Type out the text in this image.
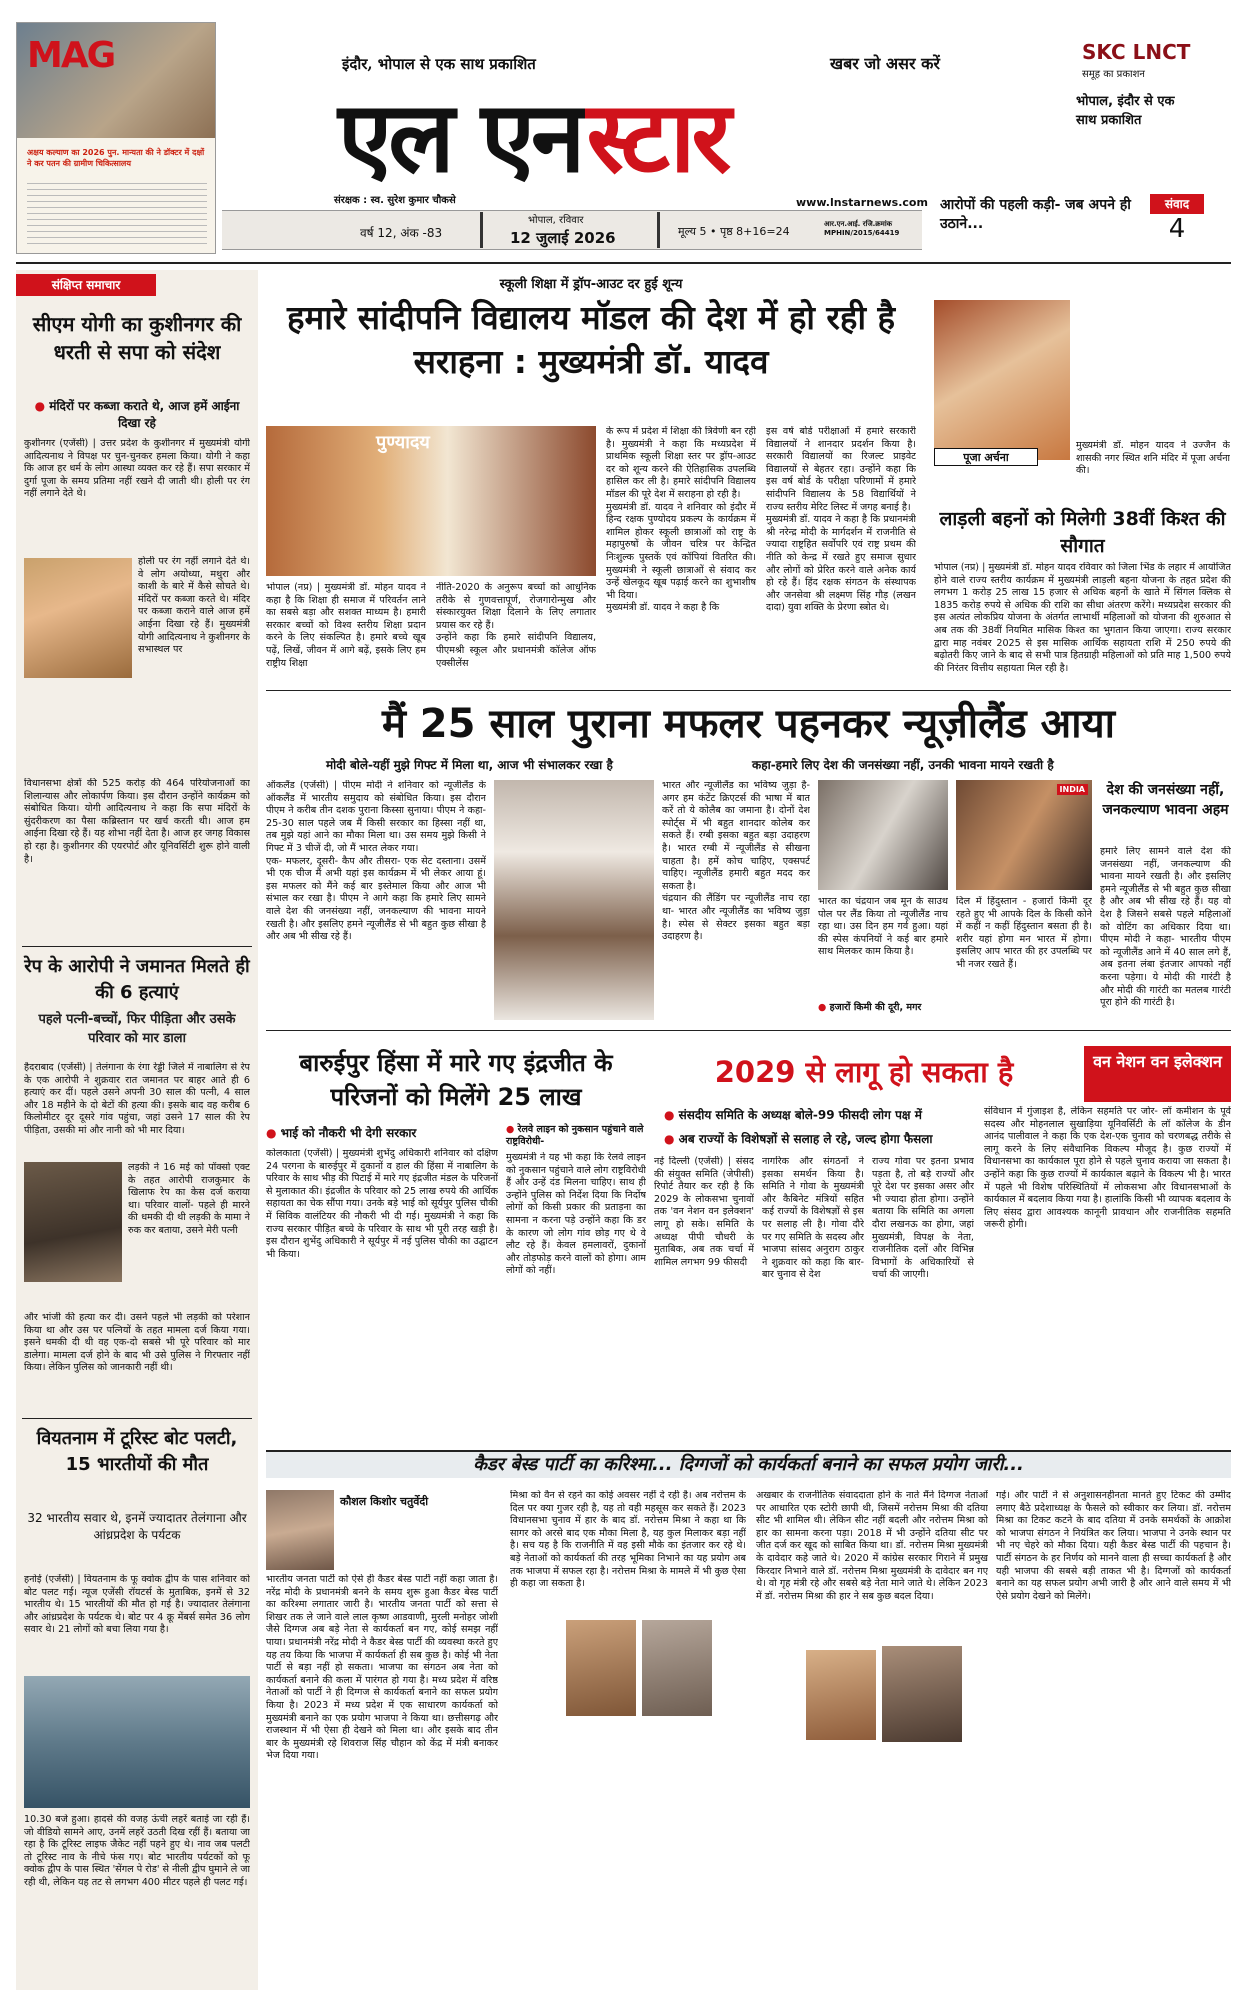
MAG
अक्षय कल्याण का 2026 पुन. मान्यता की ने डॉक्टर में दक्षों ने कर पतन की ग्रामीण चिकित्सालय
इंदौर, भोपाल से एक साथ प्रकाशित	खबर जो असर करें
एल एन स्टार
संरक्षक : स्व. सुरेश कुमार चौकसे	www.lnstarnews.com
वर्ष 12, अंक -83
भोपाल, रविवार
12 जुलाई 2026	मूल्य 5 • पृष्ठ 8+16=24
आर.एन.आई. रजि.क्रमांक MPHIN/2015/64419
SKC LNCT
समूह का प्रकाशन
भोपाल, इंदौर से एक साथ प्रकाशित
आरोपों की पहली कड़ी- जब अपने ही उठाने...
संवाद
4
संक्षिप्त समाचार
सीएम योगी का कुशीनगर की धरती से सपा को संदेश
● मंदिरों पर कब्जा कराते थे, आज हमें आईना दिखा रहे

कुशीनगर (एजेंसी) | उत्तर प्रदेश के कुशीनगर में मुख्यमंत्री योगी आदित्यनाथ ने विपक्ष पर चुन-चुनकर हमला किया। योगी ने कहा कि आज हर धर्म के लोग आस्था व्यक्त कर रहे हैं। सपा सरकार में दुर्गा पूजा के समय प्रतिमा नहीं रखने दी जाती थी। होली पर रंग नहीं लगाने देते थे।

होली पर रंग नहीं लगाने देते थे। वे लोग अयोध्या, मथुरा और काशी के बारे में कैसे सोचते थे। मंदिरों पर कब्जा करते थे। मंदिर पर कब्जा कराने वाले आज हमें आईना दिखा रहे हैं। मुख्यमंत्री योगी आदित्यनाथ ने कुशीनगर के सभास्थल पर

विधानसभा क्षेत्रों की 525 करोड़ की 464 परियोजनाओं का शिलान्यास और लोकार्पण किया। इस दौरान उन्होंने कार्यक्रम को संबोधित किया। योगी आदित्यनाथ ने कहा कि सपा मंदिरों के सुंदरीकरण का पैसा कब्रिस्तान पर खर्च करती थी। आज हम आईना दिखा रहे हैं। यह शोभा नहीं देता है। आज हर जगह विकास हो रहा है। कुशीनगर की एयरपोर्ट और यूनिवर्सिटी शुरू होने वाली है।

रेप के आरोपी ने जमानत मिलते ही की 6 हत्याएं
पहले पत्नी-बच्चों, फिर पीड़िता और उसके परिवार को मार डाला

हैदराबाद (एजेंसी) | तेलंगाना के रंगा रेड्डी जिले में नाबालिग से रेप के एक आरोपी ने शुक्रवार रात जमानत पर बाहर आते ही 6 हत्याएं कर दीं। पहले उसने अपनी 30 साल की पत्नी, 4 साल और 18 महीने के दो बेटों की हत्या की। इसके बाद वह करीब 6 किलोमीटर दूर दूसरे गांव पहुंचा, जहां उसने 17 साल की रेप पीड़िता, उसकी मां और नानी को भी मार दिया।

लड़की ने 16 मई को पॉक्सो एक्ट के तहत आरोपी राजकुमार के खिलाफ रेप का केस दर्ज कराया था। परिवार वालों- पहले ही मारने की धमकी दी थी लड़की के मामा ने रुक कर बताया, उसने मेरी पत्नी

और भांजी की हत्या कर दी। उसने पहले भी लड़की को परेशान किया था और उस पर पत्नियों के तहत मामला दर्ज किया गया। इसने धमकी दी थी वह एक-दो सबसे भी पूरे परिवार को मार डालेगा। मामला दर्ज होने के बाद भी उसे पुलिस ने गिरफ्तार नहीं किया। लेकिन पुलिस को जानकारी नहीं थी।

वियतनाम में टूरिस्ट बोट पलटी, 15 भारतीयों की मौत
32 भारतीय सवार थे, इनमें ज्यादातर तेलंगाना और आंध्रप्रदेश के पर्यटक

हनोई (एजेंसी) | वियतनाम के फू क्वोक द्वीप के पास शनिवार को बोट पलट गई। न्यूज एजेंसी रॉयटर्स के मुताबिक, इनमें से 32 भारतीय थे। 15 भारतीयों की मौत हो गई है। ज्यादातर तेलंगाना और आंध्रप्रदेश के पर्यटक थे। बोट पर 4 क्रू मेंबर्स समेत 36 लोग सवार थे। 21 लोगों को बचा लिया गया है।

10.30 बजे हुआ। हादसे की वजह ऊंची लहरें बताई जा रही हैं। जो वीडियो सामने आए, उनमें लहरें उठती दिख रहीं हैं। बताया जा रहा है कि टूरिस्ट लाइफ जैकेट नहीं पहने हुए थे। नाव जब पलटी तो टूरिस्ट नाव के नीचे फंस गए। बोट भारतीय पर्यटकों को फू क्वोक द्वीप के पास स्थित 'सेंगल पे रोड' से नीली द्वीप घुमाने ले जा रही थी, लेकिन यह तट से लगभग 400 मीटर पहले ही पलट गई।

स्कूली शिक्षा में ड्रॉप-आउट दर हुई शून्य
हमारे सांदीपनि विद्यालय मॉडल की देश में हो रही है सराहना : मुख्यमंत्री डॉ. यादव
पुण्यादय

भोपाल (नप्र) | मुख्यमंत्री डॉ. मोहन यादव ने कहा है कि शिक्षा ही समाज में परिवर्तन लाने का सबसे बड़ा और सशक्त माध्यम है। हमारी सरकार बच्चों को विश्व स्तरीय शिक्षा प्रदान करने के लिए संकल्पित है। हमारे बच्चे खूब पढ़ें, लिखें, जीवन में आगे बढ़ें, इसके लिए हम राष्ट्रीय शिक्षा

नीति-2020 के अनुरूप बच्चों को आधुनिक तरीके से गुणवत्तापूर्ण, रोजगारोन्मुख और संस्कारयुक्त शिक्षा दिलाने के लिए लगातार प्रयास कर रहे हैं।
उन्होंने कहा कि हमारे सांदीपनि विद्यालय, पीएमश्री स्कूल और प्रधानमंत्री कॉलेज ऑफ एक्सीलेंस

के रूप में प्रदेश में शिक्षा की त्रिवेणी बन रही है। मुख्यमंत्री ने कहा कि मध्यप्रदेश में प्राथमिक स्कूली शिक्षा स्तर पर ड्रॉप-आउट दर को शून्य करने की ऐतिहासिक उपलब्धि हासिल कर ली है। हमारे सांदीपनि विद्यालय मॉडल की पूरे देश में सराहना हो रही है।
मुख्यमंत्री डॉ. यादव ने शनिवार को इंदौर में हिन्द रक्षक पुण्योदय प्रकल्प के कार्यक्रम में शामिल होकर स्कूली छात्राओं को राष्ट्र के महापुरुषों के जीवन चरित्र पर केन्द्रित निःशुल्क पुस्तकें एवं कॉपियां वितरित की। मुख्यमंत्री ने स्कूली छात्राओं से संवाद कर उन्हें खेलकूद खूब पढ़ाई करने का शुभाशीष भी दिया।
मुख्यमंत्री डॉ. यादव ने कहा है कि

इस वर्ष बोर्ड परीक्षाओं में हमारे सरकारी विद्यालयों ने शानदार प्रदर्शन किया है। सरकारी विद्यालयों का रिजल्ट प्राइवेट विद्यालयों से बेहतर रहा। उन्होंने कहा कि इस वर्ष बोर्ड के परीक्षा परिणामों में हमारे सांदीपनि विद्यालय के 58 विद्यार्थियों ने राज्य स्तरीय मेरिट लिस्ट में जगह बनाई है।
मुख्यमंत्री डॉ. यादव ने कहा है कि प्रधानमंत्री श्री नरेन्द्र मोदी के मार्गदर्शन में राजनीति से ज्यादा राष्ट्रहित सर्वोपरि एवं राष्ट्र प्रथम की नीति को केन्द्र में रखते हुए समाज सुधार और लोगों को प्रेरित करने वाले अनेक कार्य हो रहे हैं। हिंद रक्षक संगठन के संस्थापक और जनसेवा श्री लक्ष्मण सिंह गौड़ (लखन दादा) युवा शक्ति के प्रेरणा स्त्रोत थे।

पूजा अर्चना

मुख्यमंत्री डॉ. मोहन यादव ने उज्जैन के शासकी नगर स्थित शनि मंदिर में पूजा अर्चना की।

लाड़ली बहनों को मिलेगी 38वीं किश्त की सौगात

भोपाल (नप्र) | मुख्यमंत्री डॉ. मोहन यादव रविवार को जिला भिंड के लहार में आयोजित होने वाले राज्य स्तरीय कार्यक्रम में मुख्यमंत्री लाड़ली बहना योजना के तहत प्रदेश की लगभग 1 करोड़ 25 लाख 15 हजार से अधिक बहनों के खाते में सिंगल क्लिक से 1835 करोड़ रुपये से अधिक की राशि का सीधा अंतरण करेंगे। मध्यप्रदेश सरकार की इस अत्यंत लोकप्रिय योजना के अंतर्गत लाभार्थी महिलाओं को योजना की शुरुआत से अब तक की 38वीं नियमित मासिक किश्त का भुगतान किया जाएगा। राज्य सरकार द्वारा माह नवंबर 2025 से इस मासिक आर्थिक सहायता राशि में 250 रुपये की बढ़ोतरी किए जाने के बाद से सभी पात्र हितग्राही महिलाओं को प्रति माह 1,500 रुपये की निरंतर वित्तीय सहायता मिल रही है।

मैं 25 साल पुराना मफलर पहनकर न्यूज़ीलैंड आया
मोदी बोले-यहीं मुझे गिफ्ट में मिला था, आज भी संभालकर रखा है	कहा-हमारे लिए देश की जनसंख्या नहीं, उनकी भावना मायने रखती है

ऑकलैंड (एजेंसी) | पीएम मोदी ने शनिवार को न्यूजीलैंड के ऑकलैंड में भारतीय समुदाय को संबोधित किया। इस दौरान पीएम ने करीब तीन दशक पुराना किस्सा सुनाया। पीएम ने कहा- 25-30 साल पहले जब मैं किसी सरकार का हिस्सा नहीं था, तब मुझे यहां आने का मौका मिला था। उस समय मुझे किसी ने गिफ्ट में 3 चीजें दी, जो मैं भारत लेकर गया।
एक- मफलर, दूसरी- कैप और तीसरा- एक सेट दस्ताना। उसमें भी एक चीज मैं अभी यहां इस कार्यक्रम में भी लेकर आया हूं। इस मफलर को मैंने कई बार इस्तेमाल किया और आज भी संभाल कर रखा है। पीएम ने आगे कहा कि हमारे लिए सामने वाले देश की जनसंख्या नहीं, जनकल्याण की भावना मायने रखती है। और इसलिए हमने न्यूजीलैंड से भी बहुत कुछ सीखा है और अब भी सीख रहे हैं।

भारत और न्यूजीलैंड का भविष्य जुड़ा है- अगर हम कंटेंट क्रिएटर्स की भाषा में बात करें तो ये कोलैब का जमाना है। दोनों देश स्पोर्ट्स में भी बहुत शानदार कोलेब कर सकते हैं। रग्बी इसका बहुत बड़ा उदाहरण है। भारत रग्बी में न्यूजीलैंड से सीखना चाहता है। हमें कोच चाहिए, एक्सपर्ट चाहिए। न्यूजीलैंड हमारी बहुत मदद कर सकता है।
चंद्रयान की लैंडिंग पर न्यूजीलैंड नाच रहा था- भारत और न्यूजीलैंड का भविष्य जुड़ा है। स्पेस से सेक्टर इसका बहुत बड़ा उदाहरण है।

INDIA

भारत का चंद्रयान जब मून के साउथ पोल पर लैंड किया तो न्यूजीलैंड नाच रहा था। उस दिन हम गर्व हुआ। यहां की स्पेस कंपनियों ने कई बार हमारे साथ मिलकर काम किया है।

● हजारों किमी की दूरी, मगर

दिल में हिंदुस्तान - हजारों किमी दूर रहते हुए भी आपके दिल के किसी कोने में कहीं न कहीं हिंदुस्तान बसता ही है। शरीर यहां होगा मन भारत में होगा। इसलिए आप भारत की हर उपलब्धि पर भी नजर रखते हैं।

देश की जनसंख्या नहीं, जनकल्याण भावना अहम

हमारे लिए सामने वाले देश की जनसंख्या नहीं, जनकल्याण की भावना मायने रखती है। और इसलिए हमने न्यूजीलैंड से भी बहुत कुछ सीखा है और अब भी सीख रहे हैं। यह वो देश है जिसने सबसे पहले महिलाओं को वोटिंग का अधिकार दिया था। पीएम मोदी ने कहा- भारतीय पीएम को न्यूजीलैंड आने में 40 साल लगे हैं, अब इतना लंबा इंतजार आपको नहीं करना पड़ेगा। ये मोदी की गारंटी है और मोदी की गारंटी का मतलब गारंटी पूरा होने की गारंटी है।

बारुईपुर हिंसा में मारे गए इंद्रजीत के परिजनों को मिलेंगे 25 लाख
● भाई को नौकरी भी देगी सरकार

कोलकाता (एजेंसी) | मुख्यमंत्री शुभेंदु अधिकारी शनिवार को दक्षिण 24 परगना के बारुईपुर में दुकानों व हाल की हिंसा में नाबालिग के परिवार के साथ भीड़ की पिटाई में मारे गए इंद्रजीत मंडल के परिजनों से मुलाकात की। इंद्रजीत के परिवार को 25 लाख रुपये की आर्थिक सहायता का चेक सौंपा गया। उनके बड़े भाई को सूर्यपुर पुलिस चौकी में सिविक वालंटियर की नौकरी भी दी गई। मुख्यमंत्री ने कहा कि राज्य सरकार पीड़ित बच्चे के परिवार के साथ भी पूरी तरह खड़ी है। इस दौरान शुभेंदु अधिकारी ने सूर्यपुर में नई पुलिस चौकी का उद्घाटन भी किया।

● रेलवे लाइन को नुकसान पहुंचाने वाले राष्ट्रविरोधी-

मुख्यमंत्री ने यह भी कहा कि रेलवे लाइन को नुकसान पहुंचाने वाले लोग राष्ट्रविरोधी हैं और उन्हें दंड मिलना चाहिए। साथ ही उन्होंने पुलिस को निर्देश दिया कि निर्दोष लोगों को किसी प्रकार की प्रताड़ना का सामना न करना पड़े उन्होंने कहा कि डर के कारण जो लोग गांव छोड़ गए थे वे लौट रहे हैं। केवल हमलावरों, दुकानों और तोड़फोड़ करने वालों को होगा। आम लोगों को नहीं।

2029 से लागू हो सकता है	वन नेशन वन इलेक्शन
● संसदीय समिति के अध्यक्ष बोले-99 फीसदी लोग पक्ष में
● अब राज्यों के विशेषज्ञों से सलाह ले रहे, जल्द होगा फैसला

नई दिल्ली (एजेंसी) | संसद की संयुक्त समिति (जेपीसी) रिपोर्ट तैयार कर रही है कि 2029 के लोकसभा चुनावों तक 'वन नेशन वन इलेक्शन' लागू हो सके। समिति के अध्यक्ष पीपी चौधरी के मुताबिक, अब तक चर्चा में शामिल लगभग 99 फीसदी

नागरिक और संगठनों ने इसका समर्थन किया है। समिति ने गोवा के मुख्यमंत्री और कैबिनेट मंत्रियों सहित कई राज्यों के विशेषज्ञों से इस पर सलाह ली है। गोवा दौरे पर गए समिति के सदस्य और भाजपा सांसद अनुराग ठाकुर ने शुक्रवार को कहा कि बार-बार चुनाव से देश

राज्य गोवा पर इतना प्रभाव पड़ता है, तो बड़े राज्यों और पूरे देश पर इसका असर और भी ज्यादा होता होगा। उन्होंने बताया कि समिति का अगला दौरा लखनऊ का होगा, जहां मुख्यमंत्री, विपक्ष के नेता, राजनीतिक दलों और विभिन्न विभागों के अधिकारियों से चर्चा की जाएगी।

संविधान में गुंजाइश है, लेकिन सहमति पर जोर- लॉ कमीशन के पूर्व सदस्य और मोहनलाल सुखाड़िया यूनिवर्सिटी के लॉ कॉलेज के डीन आनंद पालीवाल ने कहा कि एक देश-एक चुनाव को चरणबद्ध तरीके से लागू करने के लिए संवैधानिक विकल्प मौजूद है। कुछ राज्यों में विधानसभा का कार्यकाल पूरा होने से पहले चुनाव कराया जा सकता है। उन्होंने कहा कि कुछ राज्यों में कार्यकाल बढ़ाने के विकल्प भी है। भारत में पहले भी विशेष परिस्थितियों में लोकसभा और विधानसभाओं के कार्यकाल में बदलाव किया गया है। हालांकि किसी भी व्यापक बदलाव के लिए संसद द्वारा आवश्यक कानूनी प्रावधान और राजनीतिक सहमति जरूरी होगी।

कैडर बेस्ड पार्टी का करिश्मा... दिग्गजों को कार्यकर्ता बनाने का सफल प्रयोग जारी...
कौशल किशोर चतुर्वेदी

भारतीय जनता पार्टी को ऐसे ही कैडर बेस्ड पार्टी नहीं कहा जाता है। नरेंद्र मोदी के प्रधानमंत्री बनने के समय शुरू हुआ कैडर बेस्ड पार्टी का करिश्मा लगातार जारी है। भारतीय जनता पार्टी को सत्ता से शिखर तक ले जाने वाले लाल कृष्ण आडवाणी, मुरली मनोहर जोशी जैसे दिग्गज अब बड़े नेता से कार्यकर्ता बन गए, कोई समझ नहीं पाया। प्रधानमंत्री नरेंद्र मोदी ने कैडर बेस्ड पार्टी की व्यवस्था करते हुए यह तय किया कि भाजपा में कार्यकर्ता ही सब कुछ है। कोई भी नेता पार्टी से बड़ा नहीं हो सकता। भाजपा का संगठन अब नेता को कार्यकर्ता बनाने की कला में पारंगत हो गया है। मध्य प्रदेश में वरिष्ठ नेताओं को पार्टी ने ही दिग्गज से कार्यकर्ता बनाने का सफल प्रयोग किया है। 2023 में मध्य प्रदेश में एक साधारण कार्यकर्ता को मुख्यमंत्री बनाने का एक प्रयोग भाजपा ने किया था। छत्तीसगढ़ और राजस्थान में भी ऐसा ही देखने को मिला था। और इसके बाद तीन बार के मुख्यमंत्री रहे शिवराज सिंह चौहान को केंद्र में मंत्री बनाकर भेज दिया गया।

मिश्रा को वैन से रहने का कोई अवसर नहीं दे रही है। अब नरोत्तम के दिल पर क्या गुजर रही है, यह तो वही महसूस कर सकते हैं। 2023 विधानसभा चुनाव में हार के बाद डॉ. नरोत्तम मिश्रा ने कहा था कि सागर को अरसे बाद एक मौका मिला है, यह कुल मिलाकर बड़ा नहीं है। सच यह है कि राजनीति में वह इसी मौके का इंतजार कर रहे थे। बड़े नेताओं को कार्यकर्ता की तरह भूमिका निभाने का यह प्रयोग अब तक भाजपा में सफल रहा है। नरोत्तम मिश्रा के मामले में भी कुछ ऐसा ही कहा जा सकता है।

अखबार के राजनीतिक संवाददाता होने के नाते मैंने दिग्गज नेताओं पर आधारित एक स्टोरी छापी थी, जिसमें नरोत्तम मिश्रा की दतिया सीट भी शामिल थी। लेकिन सीट नहीं बदली और नरोत्तम मिश्रा को हार का सामना करना पड़ा। 2018 में भी उन्होंने दतिया सीट पर जीत दर्ज कर खूद को साबित किया था। डॉ. नरोत्तम मिश्रा मुख्यमंत्री के दावेदार कहे जाते थे। 2020 में कांग्रेस सरकार गिराने में प्रमुख किरदार निभाने वाले डॉ. नरोत्तम मिश्रा मुख्यमंत्री के दावेदार बन गए थे। वो गृह मंत्री रहे और सबसे बड़े नेता माने जाते थे। लेकिन 2023 में डॉ. नरोत्तम मिश्रा की हार ने सब कुछ बदल दिया।

गई। और पार्टी ने से अनुशासनहीनता मानते हुए टिकट की उम्मीद लगाए बैठे प्रदेशाध्यक्ष के फैसले को स्वीकार कर लिया। डॉ. नरोत्तम मिश्रा का टिकट कटने के बाद दतिया में उनके समर्थकों के आक्रोश को भाजपा संगठन ने नियंत्रित कर लिया। भाजपा ने उनके स्थान पर भी नए चेहरे को मौका दिया। यही कैडर बेस्ड पार्टी की पहचान है। पार्टी संगठन के हर निर्णय को मानने वाला ही सच्चा कार्यकर्ता है और यही भाजपा की सबसे बड़ी ताकत भी है। दिग्गजों को कार्यकर्ता बनाने का यह सफल प्रयोग अभी जारी है और आने वाले समय में भी ऐसे प्रयोग देखने को मिलेंगे।
